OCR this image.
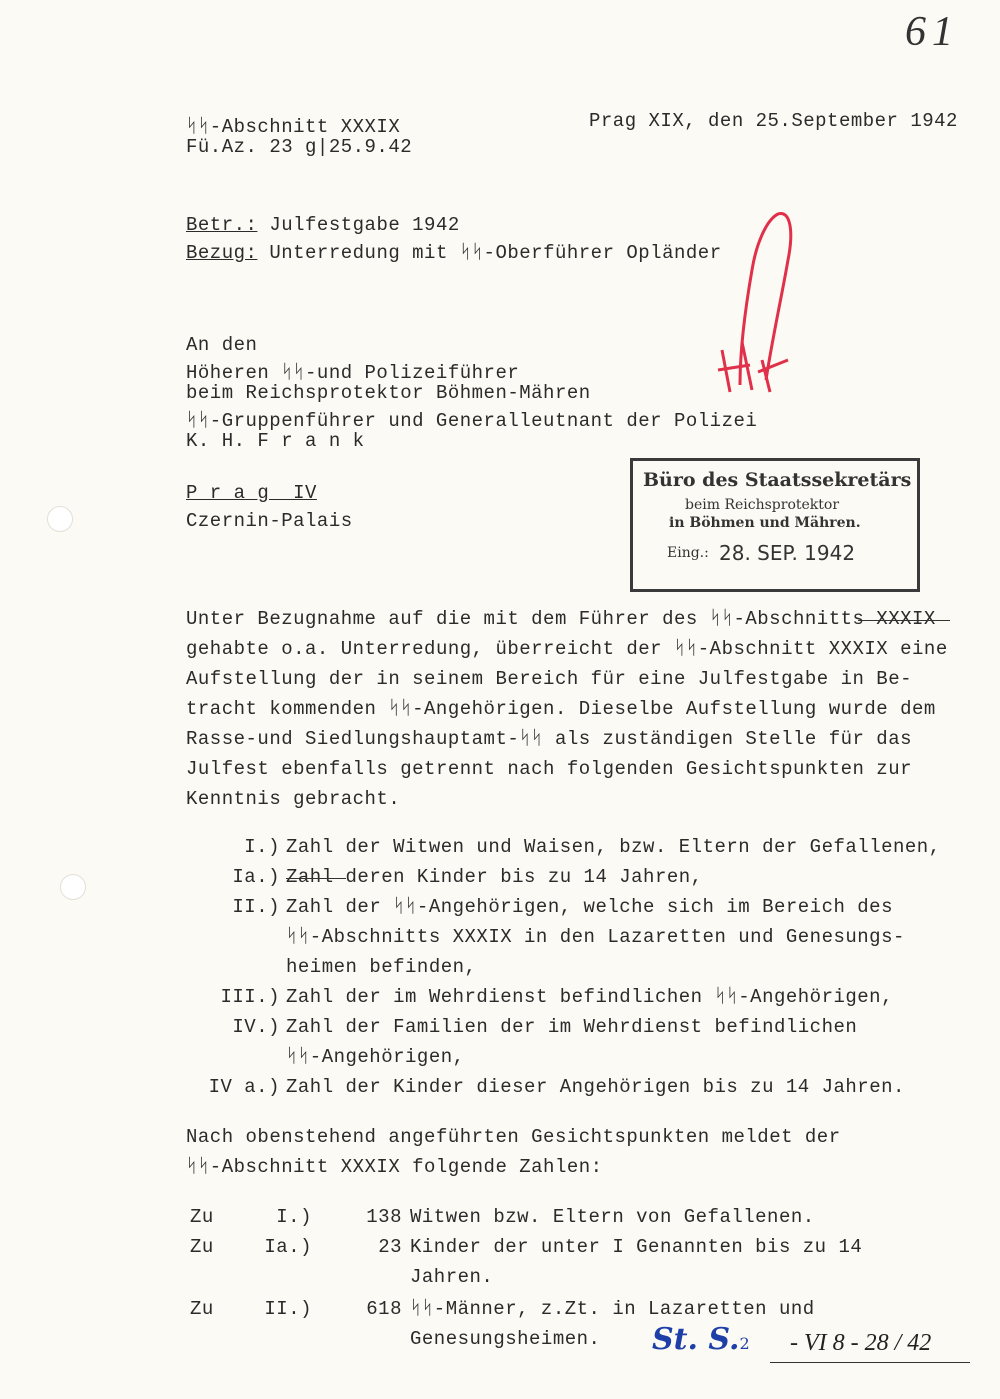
61
ᛋᛋ-Abschnitt XXXIX
Fü.Az. 23 g|25.9.42
Prag XIX, den 25.September 1942
Betr.: Julfestgabe 1942
Bezug: Unterredung mit ᛋᛋ-Oberführer Opländer
An den
Höheren ᛋᛋ-und Polizeiführer
beim Reichsprotektor Böhmen-Mähren
ᛋᛋ-Gruppenführer und Generalleutnant der Polizei
K. H. F r a n k
P r a g  IV
Czernin-Palais
h II
Büro des Staatssekretärs
beim Reichsprotektor
in Böhmen und Mähren.
Eing.: 28. SEP. 1942
Unter Bezugnahme auf die mit dem Führer des ᛋᛋ-Abschnitts XXXIX
gehabte o.a. Unterredung, überreicht der ᛋᛋ-Abschnitt XXXIX eine
Aufstellung der in seinem Bereich für eine Julfestgabe in Be-
tracht kommenden ᛋᛋ-Angehörigen. Dieselbe Aufstellung wurde dem
Rasse-und Siedlungshauptamt-ᛋᛋ als zuständigen Stelle für das
Julfest ebenfalls getrennt nach folgenden Gesichtspunkten zur
Kenntnis gebracht.
I.) Zahl der Witwen und Waisen, bzw. Eltern der Gefallenen,
Ia.) Zahl deren Kinder bis zu 14 Jahren,
II.) Zahl der ᛋᛋ-Angehörigen, welche sich im Bereich des
ᛋᛋ-Abschnitts XXXIX in den Lazaretten und Genesungs-
heimen befinden,
III.) Zahl der im Wehrdienst befindlichen ᛋᛋ-Angehörigen,
IV.) Zahl der Familien der im Wehrdienst befindlichen
ᛋᛋ-Angehörigen,
IV a.) Zahl der Kinder dieser Angehörigen bis zu 14 Jahren.
Nach obenstehend angeführten Gesichtspunkten meldet der
ᛋᛋ-Abschnitt XXXIX folgende Zahlen:
Zu	I.)	138 Witwen bzw. Eltern von Gefallenen.
Zu	Ia.)	23 Kinder der unter I Genannten bis zu 14
Jahren.
Zu	II.)	618 ᛋᛋ-Männer, z.Zt. in Lazaretten und
Genesungsheimen. St. S.2 - VI 8 - 28 / 42
